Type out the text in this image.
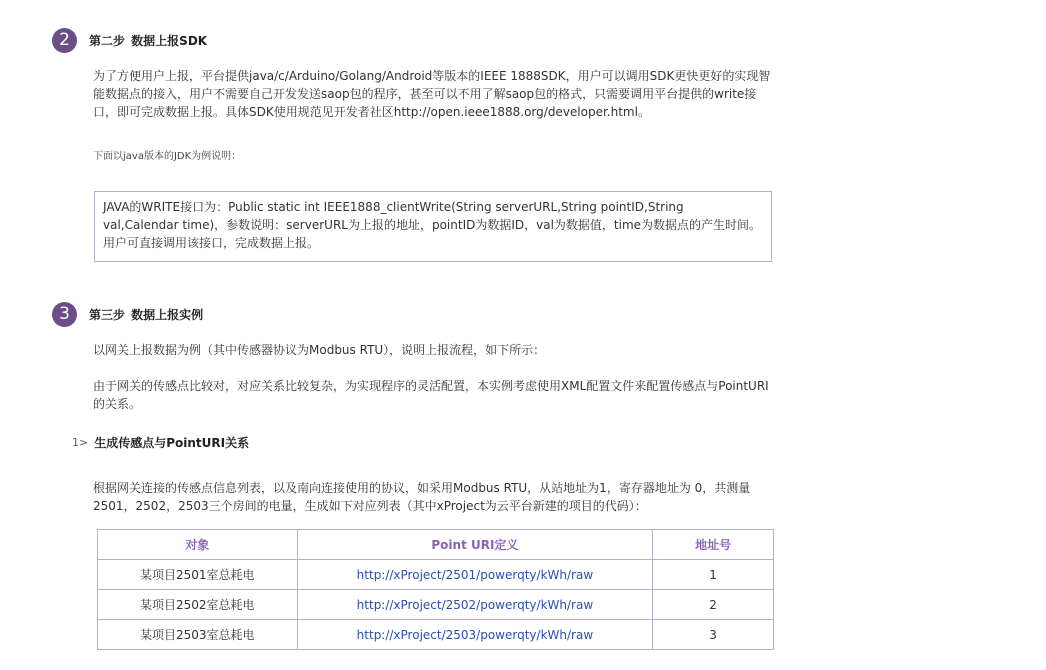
2	第二步 数据上报SDK

为了方便用户上报，平台提供java/c/Arduino/Golang/Android等版本的IEEE 1888SDK，用户可以调用SDK更快更好的实现智能数据点的接入，用户不需要自己开发发送saop包的程序，甚至可以不用了解saop包的格式，只需要调用平台提供的write接口，即可完成数据上报。具体SDK使用规范见开发者社区http://open.ieee1888.org/developer.html。

下面以java版本的JDK为例说明：

JAVA的WRITE接口为：Public static int IEEE1888_clientWrite(String serverURL,String pointID,String val,Calendar time)，参数说明：serverURL为上报的地址，pointID为数据ID，val为数据值，time为数据点的产生时间。用户可直接调用该接口，完成数据上报。
3	第三步 数据上报实例

以网关上报数据为例（其中传感器协议为Modbus RTU），说明上报流程，如下所示：

由于网关的传感点比较对，对应关系比较复杂，为实现程序的灵活配置，本实例考虑使用XML配置文件来配置传感点与PointURI的关系。

1> 生成传感点与PointURI关系

根据网关连接的传感点信息列表，以及南向连接使用的协议，如采用Modbus RTU，从站地址为1，寄存器地址为 0，共测量2501，2502，2503三个房间的电量，生成如下对应列表（其中xProject为云平台新建的项目的代码）：

对象	Point URI定义	地址号
某项目2501室总耗电	http://xProject/2501/powerqty/kWh/raw	1
某项目2502室总耗电	http://xProject/2502/powerqty/kWh/raw	2
某项目2503室总耗电	http://xProject/2503/powerqty/kWh/raw	3
